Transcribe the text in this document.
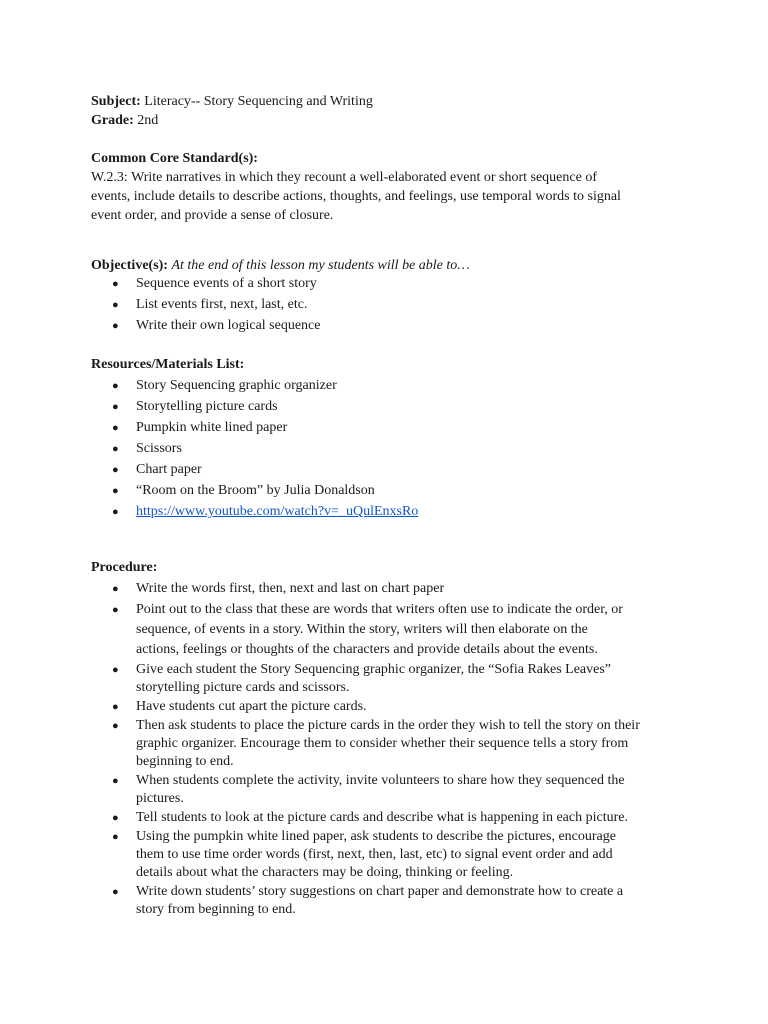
Subject: Literacy-- Story Sequencing and Writing

Grade: 2nd

Common Core Standard(s):

W.2.3: Write narratives in which they recount a well-elaborated event or short sequence of

events, include details to describe actions, thoughts, and feelings, use temporal words to signal

event order, and provide a sense of closure.

Objective(s): At the end of this lesson my students will be able to…

● Sequence events of a short story
● List events first, next, last, etc.
● Write their own logical sequence

Resources/Materials List:

● Story Sequencing graphic organizer
● Storytelling picture cards
● Pumpkin white lined paper
● Scissors
● Chart paper
● “Room on the Broom” by Julia Donaldson
● https://www.youtube.com/watch?v=_uQulEnxsRo

Procedure:

● Write the words first, then, next and last on chart paper
● Point out to the class that these are words that writers often use to indicate the order, or
sequence, of events in a story. Within the story, writers will then elaborate on the
actions, feelings or thoughts of the characters and provide details about the events.
● Give each student the Story Sequencing graphic organizer, the “Sofia Rakes Leaves”
storytelling picture cards and scissors.
● Have students cut apart the picture cards.
● Then ask students to place the picture cards in the order they wish to tell the story on their
graphic organizer. Encourage them to consider whether their sequence tells a story from
beginning to end.
● When students complete the activity, invite volunteers to share how they sequenced the
pictures.
● Tell students to look at the picture cards and describe what is happening in each picture.
● Using the pumpkin white lined paper, ask students to describe the pictures, encourage
them to use time order words (first, next, then, last, etc) to signal event order and add
details about what the characters may be doing, thinking or feeling.
● Write down students’ story suggestions on chart paper and demonstrate how to create a
story from beginning to end.
